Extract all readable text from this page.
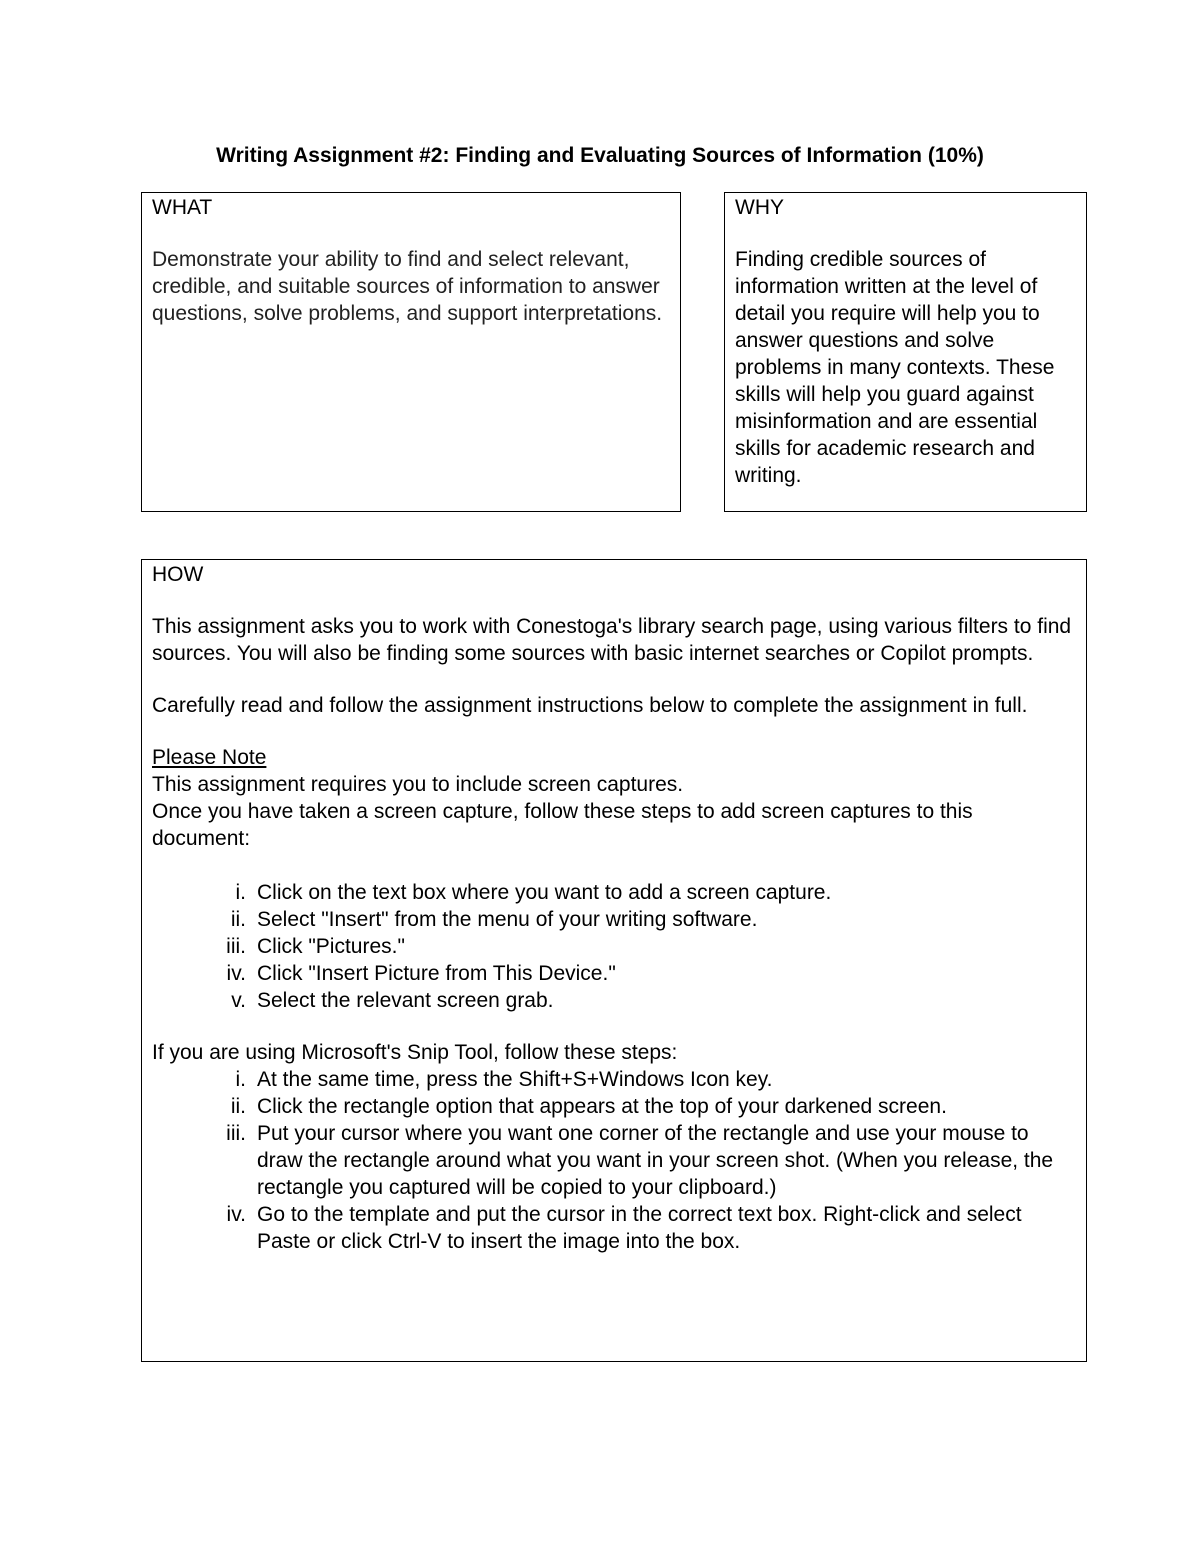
Writing Assignment #2: Finding and Evaluating Sources of Information (10%)
WHAT
Demonstrate your ability to find and select relevant, credible, and suitable sources of information to answer questions, solve problems, and support interpretations.
WHY
Finding credible sources of information written at the level of detail you require will help you to answer questions and solve problems in many contexts. These skills will help you guard against misinformation and are essential skills for academic research and writing.
HOW
This assignment asks you to work with Conestoga's library search page, using various filters to find sources. You will also be finding some sources with basic internet searches or Copilot prompts.
Carefully read and follow the assignment instructions below to complete the assignment in full.
Please Note
This assignment requires you to include screen captures.
Once you have taken a screen capture, follow these steps to add screen captures to this document:
i. Click on the text box where you want to add a screen capture.
ii. Select "Insert" from the menu of your writing software.
iii. Click "Pictures."
iv. Click "Insert Picture from This Device."
v. Select the relevant screen grab.
If you are using Microsoft's Snip Tool, follow these steps:
i. At the same time, press the Shift+S+Windows Icon key.
ii. Click the rectangle option that appears at the top of your darkened screen.
iii. Put your cursor where you want one corner of the rectangle and use your mouse to draw the rectangle around what you want in your screen shot. (When you release, the rectangle you captured will be copied to your clipboard.)
iv. Go to the template and put the cursor in the correct text box. Right-click and select Paste or click Ctrl-V to insert the image into the box.
